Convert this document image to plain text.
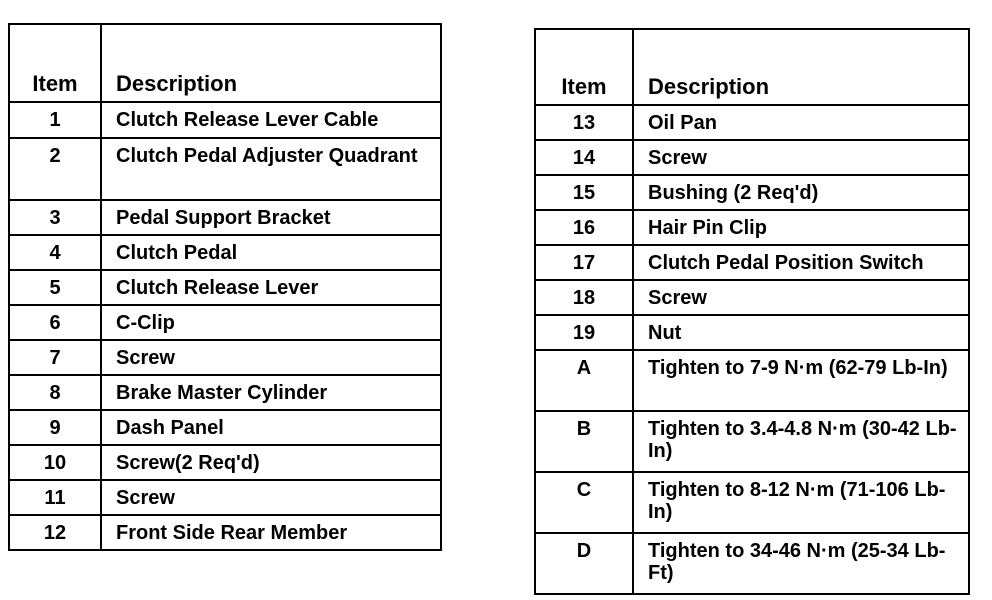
Item	Description
1	Clutch Release Lever Cable
2	Clutch Pedal Adjuster Quadrant
3	Pedal Support Bracket
4	Clutch Pedal
5	Clutch Release Lever
6	C-Clip
7	Screw
8	Brake Master Cylinder
9	Dash Panel
10	Screw(2 Req'd)
11	Screw
12	Front Side Rear Member
Item	Description
13	Oil Pan
14	Screw
15	Bushing (2 Req'd)
16	Hair Pin Clip
17	Clutch Pedal Position Switch
18	Screw
19	Nut
A	Tighten to 7-9 N·m (62-79 Lb-In)
B	Tighten to 3.4-4.8 N·m (30-42 Lb-In)
C	Tighten to 8-12 N·m (71-106 Lb-In)
D	Tighten to 34-46 N·m (25-34 Lb-Ft)
